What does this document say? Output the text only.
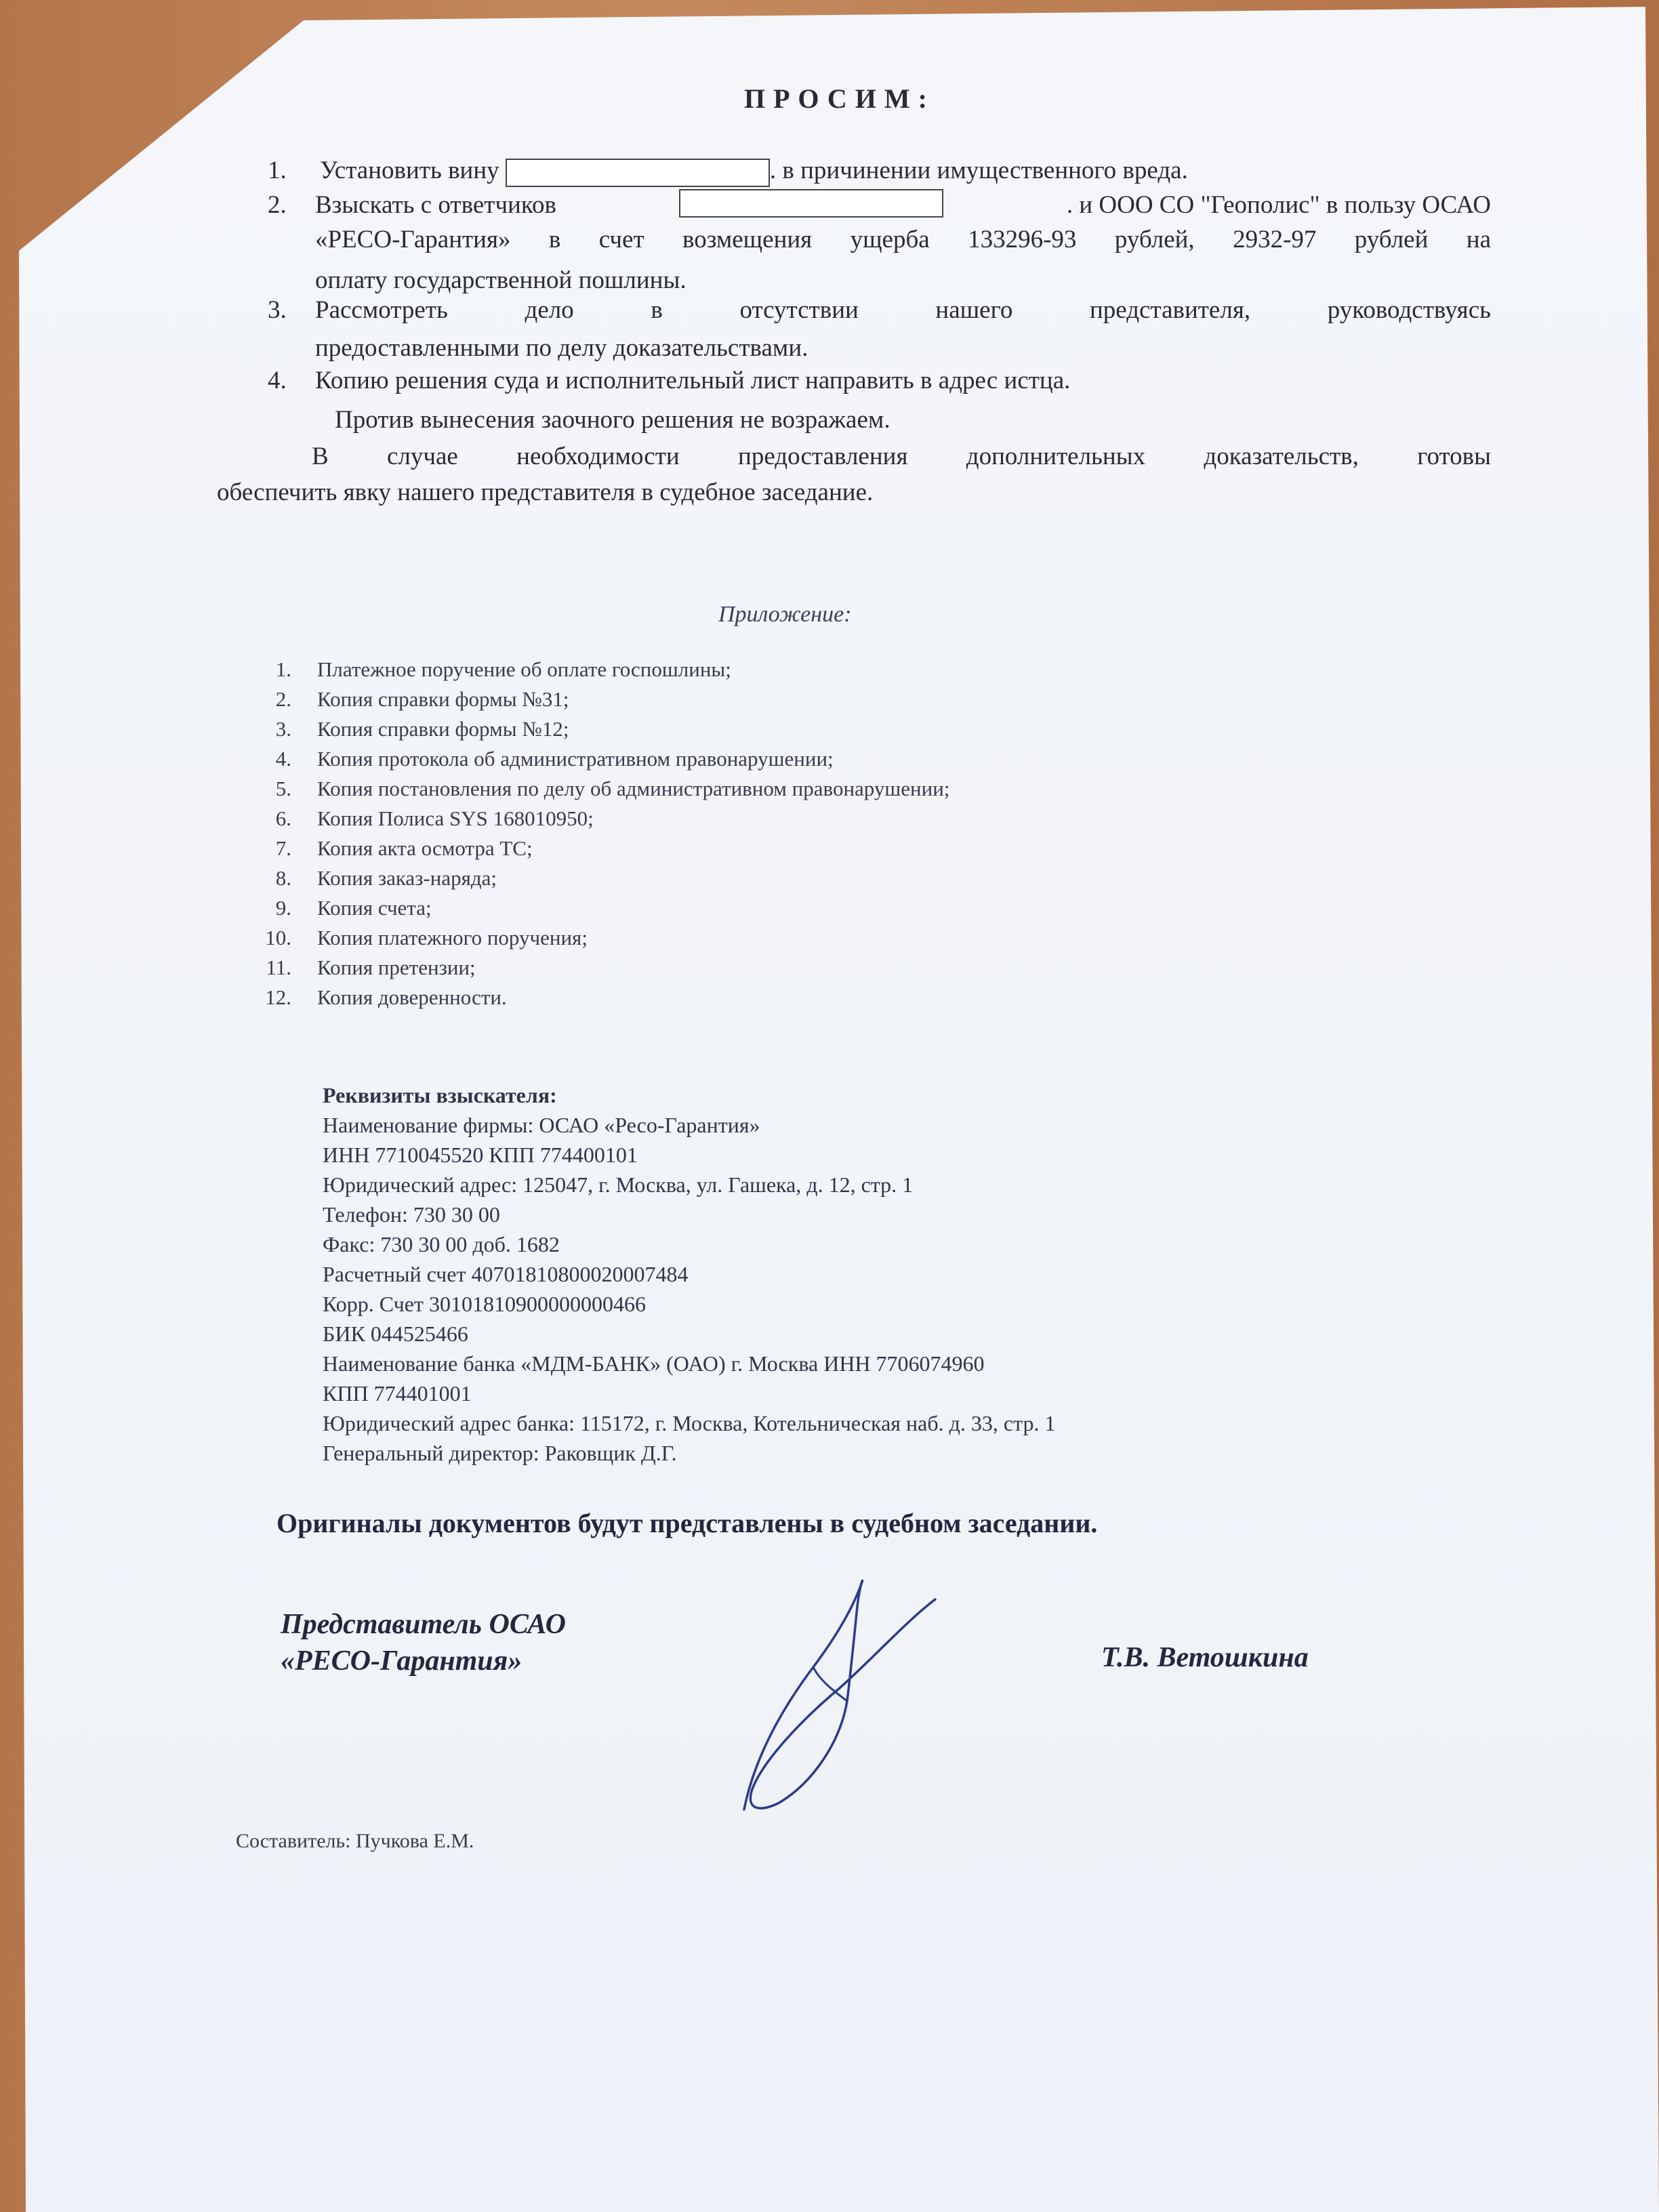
ПРОСИМ:
1. Установить вину	. в причинении имущественного вреда.
2. Взыскать с ответчиков	. и ООО СО "Геополис" в пользу ОСАО
«РЕСО-Гарантия» в счет возмещения ущерба 133296-93 рублей, 2932-97 рублей на
оплату государственной пошлины.
3. Рассмотреть дело в отсутствии нашего представителя, руководствуясь
предоставленными по делу доказательствами.
4. Копию решения суда и исполнительный лист направить в адрес истца.
Против вынесения заочного решения не возражаем.
В случае необходимости предоставления дополнительных доказательств, готовы
обеспечить явку нашего представителя в судебное заседание.
Приложение:
1. Платежное поручение об оплате госпошлины;
2. Копия справки формы №31;
3. Копия справки формы №12;
4. Копия протокола об административном правонарушении;
5. Копия постановления по делу об административном правонарушении;
6. Копия Полиса SYS 168010950;
7. Копия акта осмотра ТС;
8. Копия заказ-наряда;
9. Копия счета;
10. Копия платежного поручения;
11. Копия претензии;
12. Копия доверенности.
Реквизиты взыскателя:
Наименование фирмы: ОСАО «Ресо-Гарантия»
ИНН 7710045520 КПП 774400101
Юридический адрес: 125047, г. Москва, ул. Гашека, д. 12, стр. 1
Телефон: 730 30 00
Факс: 730 30 00 доб. 1682
Расчетный счет 40701810800020007484
Корр. Счет 30101810900000000466
БИК 044525466
Наименование банка «МДМ-БАНК» (ОАО) г. Москва ИНН 7706074960
КПП 774401001
Юридический адрес банка: 115172, г. Москва, Котельническая наб. д. 33, стр. 1
Генеральный директор: Раковщик Д.Г.
Оригиналы документов будут представлены в судебном заседании.
Представитель ОСАО
«РЕСО-Гарантия»	Т.В. Ветошкина
Составитель: Пучкова Е.М.
